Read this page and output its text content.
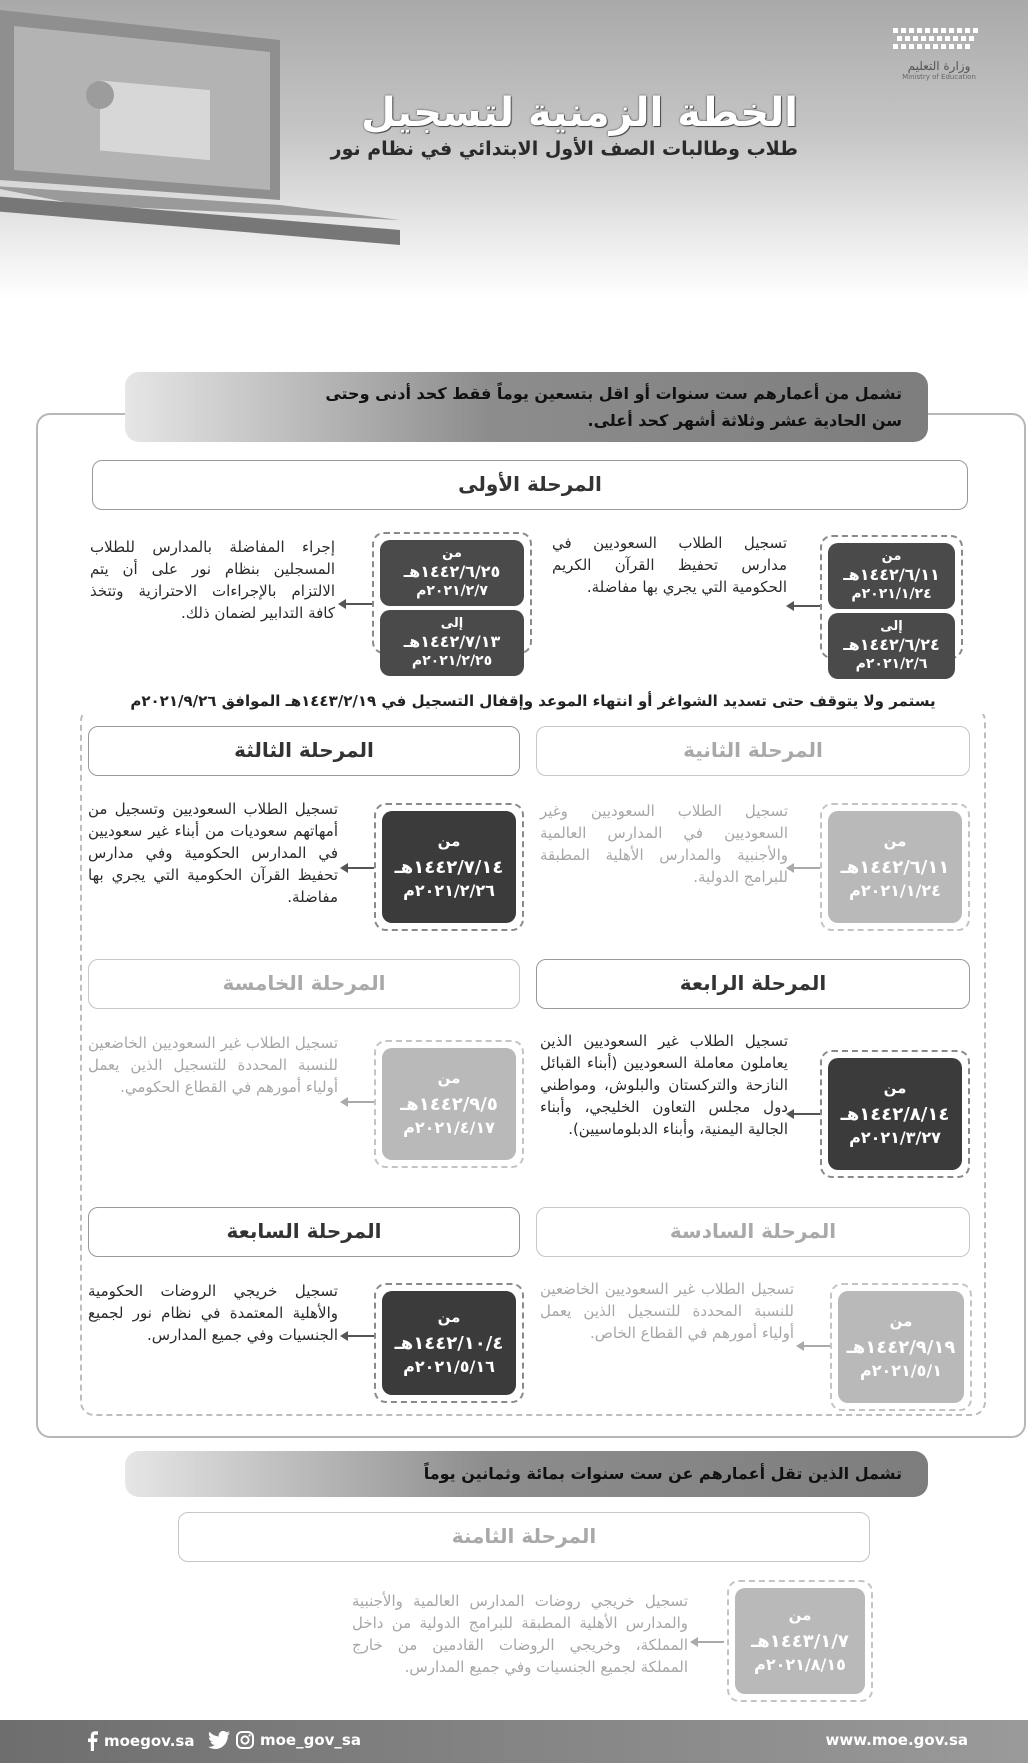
وزارة التعليم
Ministry of Education
الخطة الزمنية لتسجيل
طلاب وطالبات الصف الأول الابتدائي في نظام نور
تشمل من أعمارهم ست سنوات أو اقل بتسعين يوماً فقط كحد أدنى وحتى
سن الحادية عشر وثلاثة أشهر كحد أعلى.
المرحلة الأولى
من
١٤٤٢/٦/١١هـ
٢٠٢١/١/٢٤م
إلى
١٤٤٢/٦/٢٤هـ
٢٠٢١/٢/٦م
تسجيل الطلاب السعوديين في مدارس تحفيظ القرآن الكريم الحكومية التي يجري بها مفاضلة.
من
١٤٤٢/٦/٢٥هـ
٢٠٢١/٢/٧م
إلى
١٤٤٢/٧/١٣هـ
٢٠٢١/٢/٢٥م
إجراء المفاضلة بالمدارس للطلاب المسجلين بنظام نور على أن يتم الالتزام بالإجراءات الاحترازية وتتخذ كافة التدابير لضمان ذلك.
يستمر ولا يتوقف حتى تسديد الشواغر أو انتهاء الموعد وإقفال التسجيل في ١٤٤٣/٢/١٩هـ الموافق ٢٠٢١/٩/٢٦م
المرحلة الثانية
من
١٤٤٢/٦/١١هـ
٢٠٢١/١/٢٤م
تسجيل الطلاب السعوديين وغير السعوديين في المدارس العالمية والأجنبية والمدارس الأهلية المطبقة للبرامج الدولية.
المرحلة الثالثة
من
١٤٤٢/٧/١٤هـ
٢٠٢١/٢/٢٦م
تسجيل الطلاب السعوديين وتسجيل من أمهاتهم سعوديات من أبناء غير سعوديين في المدارس الحكومية وفي مدارس تحفيظ القرآن الحكومية التي يجري بها مفاضلة.
المرحلة الرابعة
من
١٤٤٢/٨/١٤هـ
٢٠٢١/٣/٢٧م
تسجيل الطلاب غير السعوديين الذين يعاملون معاملة السعوديين (أبناء القبائل النازحة والتركستان والبلوش، ومواطني دول مجلس التعاون الخليجي، وأبناء الجالية اليمنية، وأبناء الدبلوماسيين).
المرحلة الخامسة
من
١٤٤٢/٩/٥هـ
٢٠٢١/٤/١٧م
تسجيل الطلاب غير السعوديين الخاضعين للنسبة المحددة للتسجيل الذين يعمل أولياء أمورهم في القطاع الحكومي.
المرحلة السادسة
من
١٤٤٢/٩/١٩هـ
٢٠٢١/٥/١م
تسجيل الطلاب غير السعوديين الخاضعين للنسبة المحددة للتسجيل الذين يعمل أولياء أمورهم في القطاع الخاص.
المرحلة السابعة
من
١٤٤٢/١٠/٤هـ
٢٠٢١/٥/١٦م
تسجيل خريجي الروضات الحكومية والأهلية المعتمدة في نظام نور لجميع الجنسيات وفي جميع المدارس.
تشمل الذين تقل أعمارهم عن ست سنوات بمائة وثمانين يوماً
المرحلة الثامنة
من
١٤٤٣/١/٧هـ
٢٠٢١/٨/١٥م
تسجيل خريجي روضات المدارس العالمية والأجنبية والمدارس الأهلية المطبقة للبرامج الدولية من داخل المملكة، وخريجي الروضات القادمين من خارج المملكة لجميع الجنسيات وفي جميع المدارس.
moegov.sa	moe_gov_sa	www.moe.gov.sa
